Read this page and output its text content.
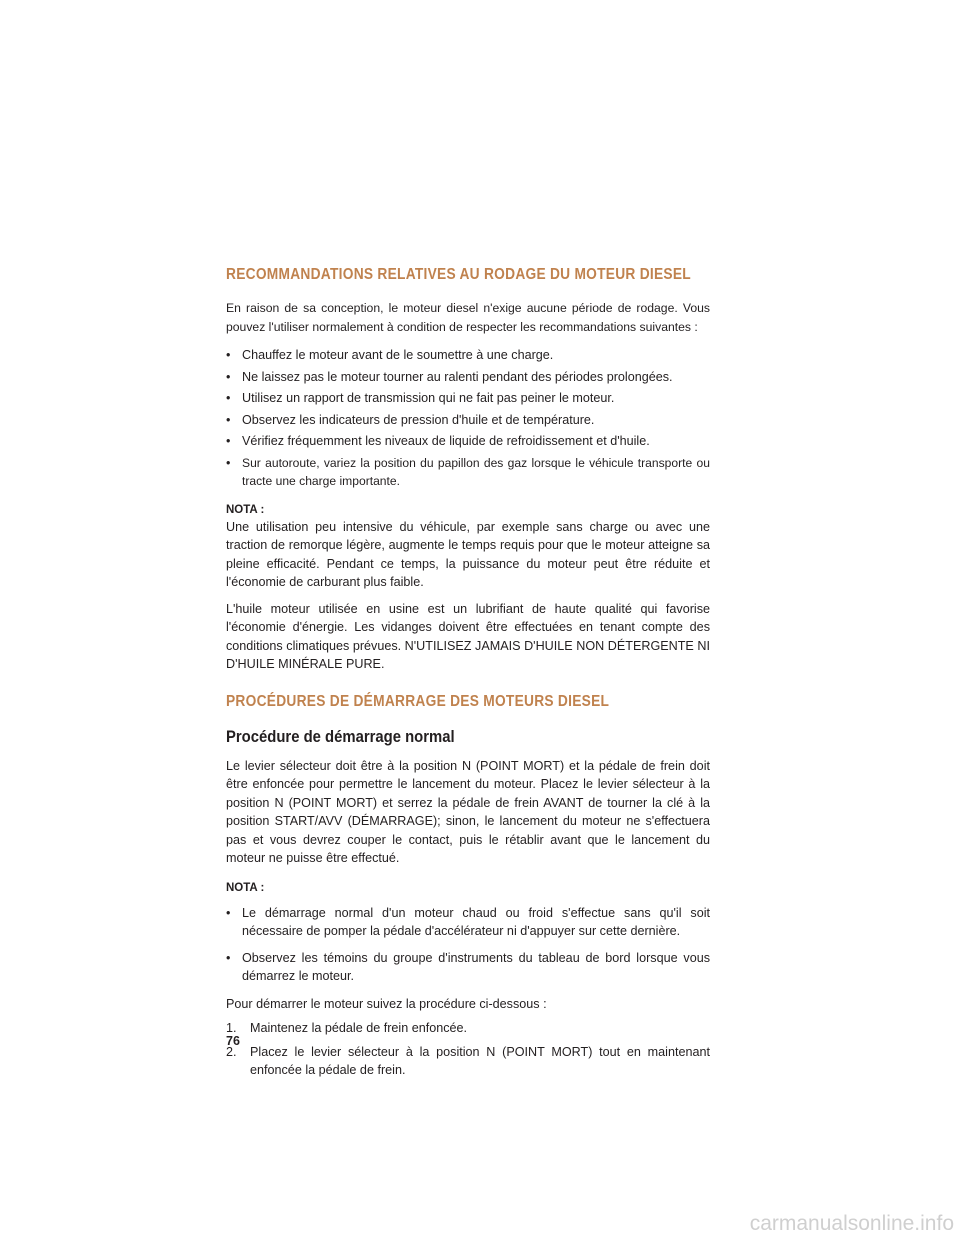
RECOMMANDATIONS RELATIVES AU RODAGE DU MOTEUR DIESEL

En raison de sa conception, le moteur diesel n'exige aucune période de rodage. Vous pouvez l'utiliser normalement à condition de respecter les recommandations suivantes :

• Chauffez le moteur avant de le soumettre à une charge.
• Ne laissez pas le moteur tourner au ralenti pendant des périodes prolongées.
• Utilisez un rapport de transmission qui ne fait pas peiner le moteur.
• Observez les indicateurs de pression d'huile et de température.
• Vérifiez fréquemment les niveaux de liquide de refroidissement et d'huile.
• Sur autoroute, variez la position du papillon des gaz lorsque le véhicule transporte ou tracte une charge importante.
NOTA :

Une utilisation peu intensive du véhicule, par exemple sans charge ou avec une traction de remorque légère, augmente le temps requis pour que le moteur atteigne sa pleine efficacité. Pendant ce temps, la puissance du moteur peut être réduite et l'économie de carburant plus faible.

L'huile moteur utilisée en usine est un lubrifiant de haute qualité qui favorise l'économie d'énergie. Les vidanges doivent être effectuées en tenant compte des conditions climatiques prévues. N'UTILISEZ JAMAIS D'HUILE NON DÉTERGENTE NI D'HUILE MINÉRALE PURE.

PROCÉDURES DE DÉMARRAGE DES MOTEURS DIESEL
Procédure de démarrage normal

Le levier sélecteur doit être à la position N (POINT MORT) et la pédale de frein doit être enfoncée pour permettre le lancement du moteur. Placez le levier sélecteur à la position N (POINT MORT) et serrez la pédale de frein AVANT de tourner la clé à la position START/AVV (DÉMARRAGE); sinon, le lancement du moteur ne s'effectuera pas et vous devrez couper le contact, puis le rétablir avant que le lancement du moteur ne puisse être effectué.

NOTA :
• Le démarrage normal d'un moteur chaud ou froid s'effectue sans qu'il soit nécessaire de pomper la pédale d'accélérateur ni d'appuyer sur cette dernière.
• Observez les témoins du groupe d'instruments du tableau de bord lorsque vous démarrez le moteur.

Pour démarrer le moteur suivez la procédure ci-dessous :

1. Maintenez la pédale de frein enfoncée.
2. Placez le levier sélecteur à la position N (POINT MORT) tout en maintenant enfoncée la pédale de frein.
76
carmanualsonline.info
